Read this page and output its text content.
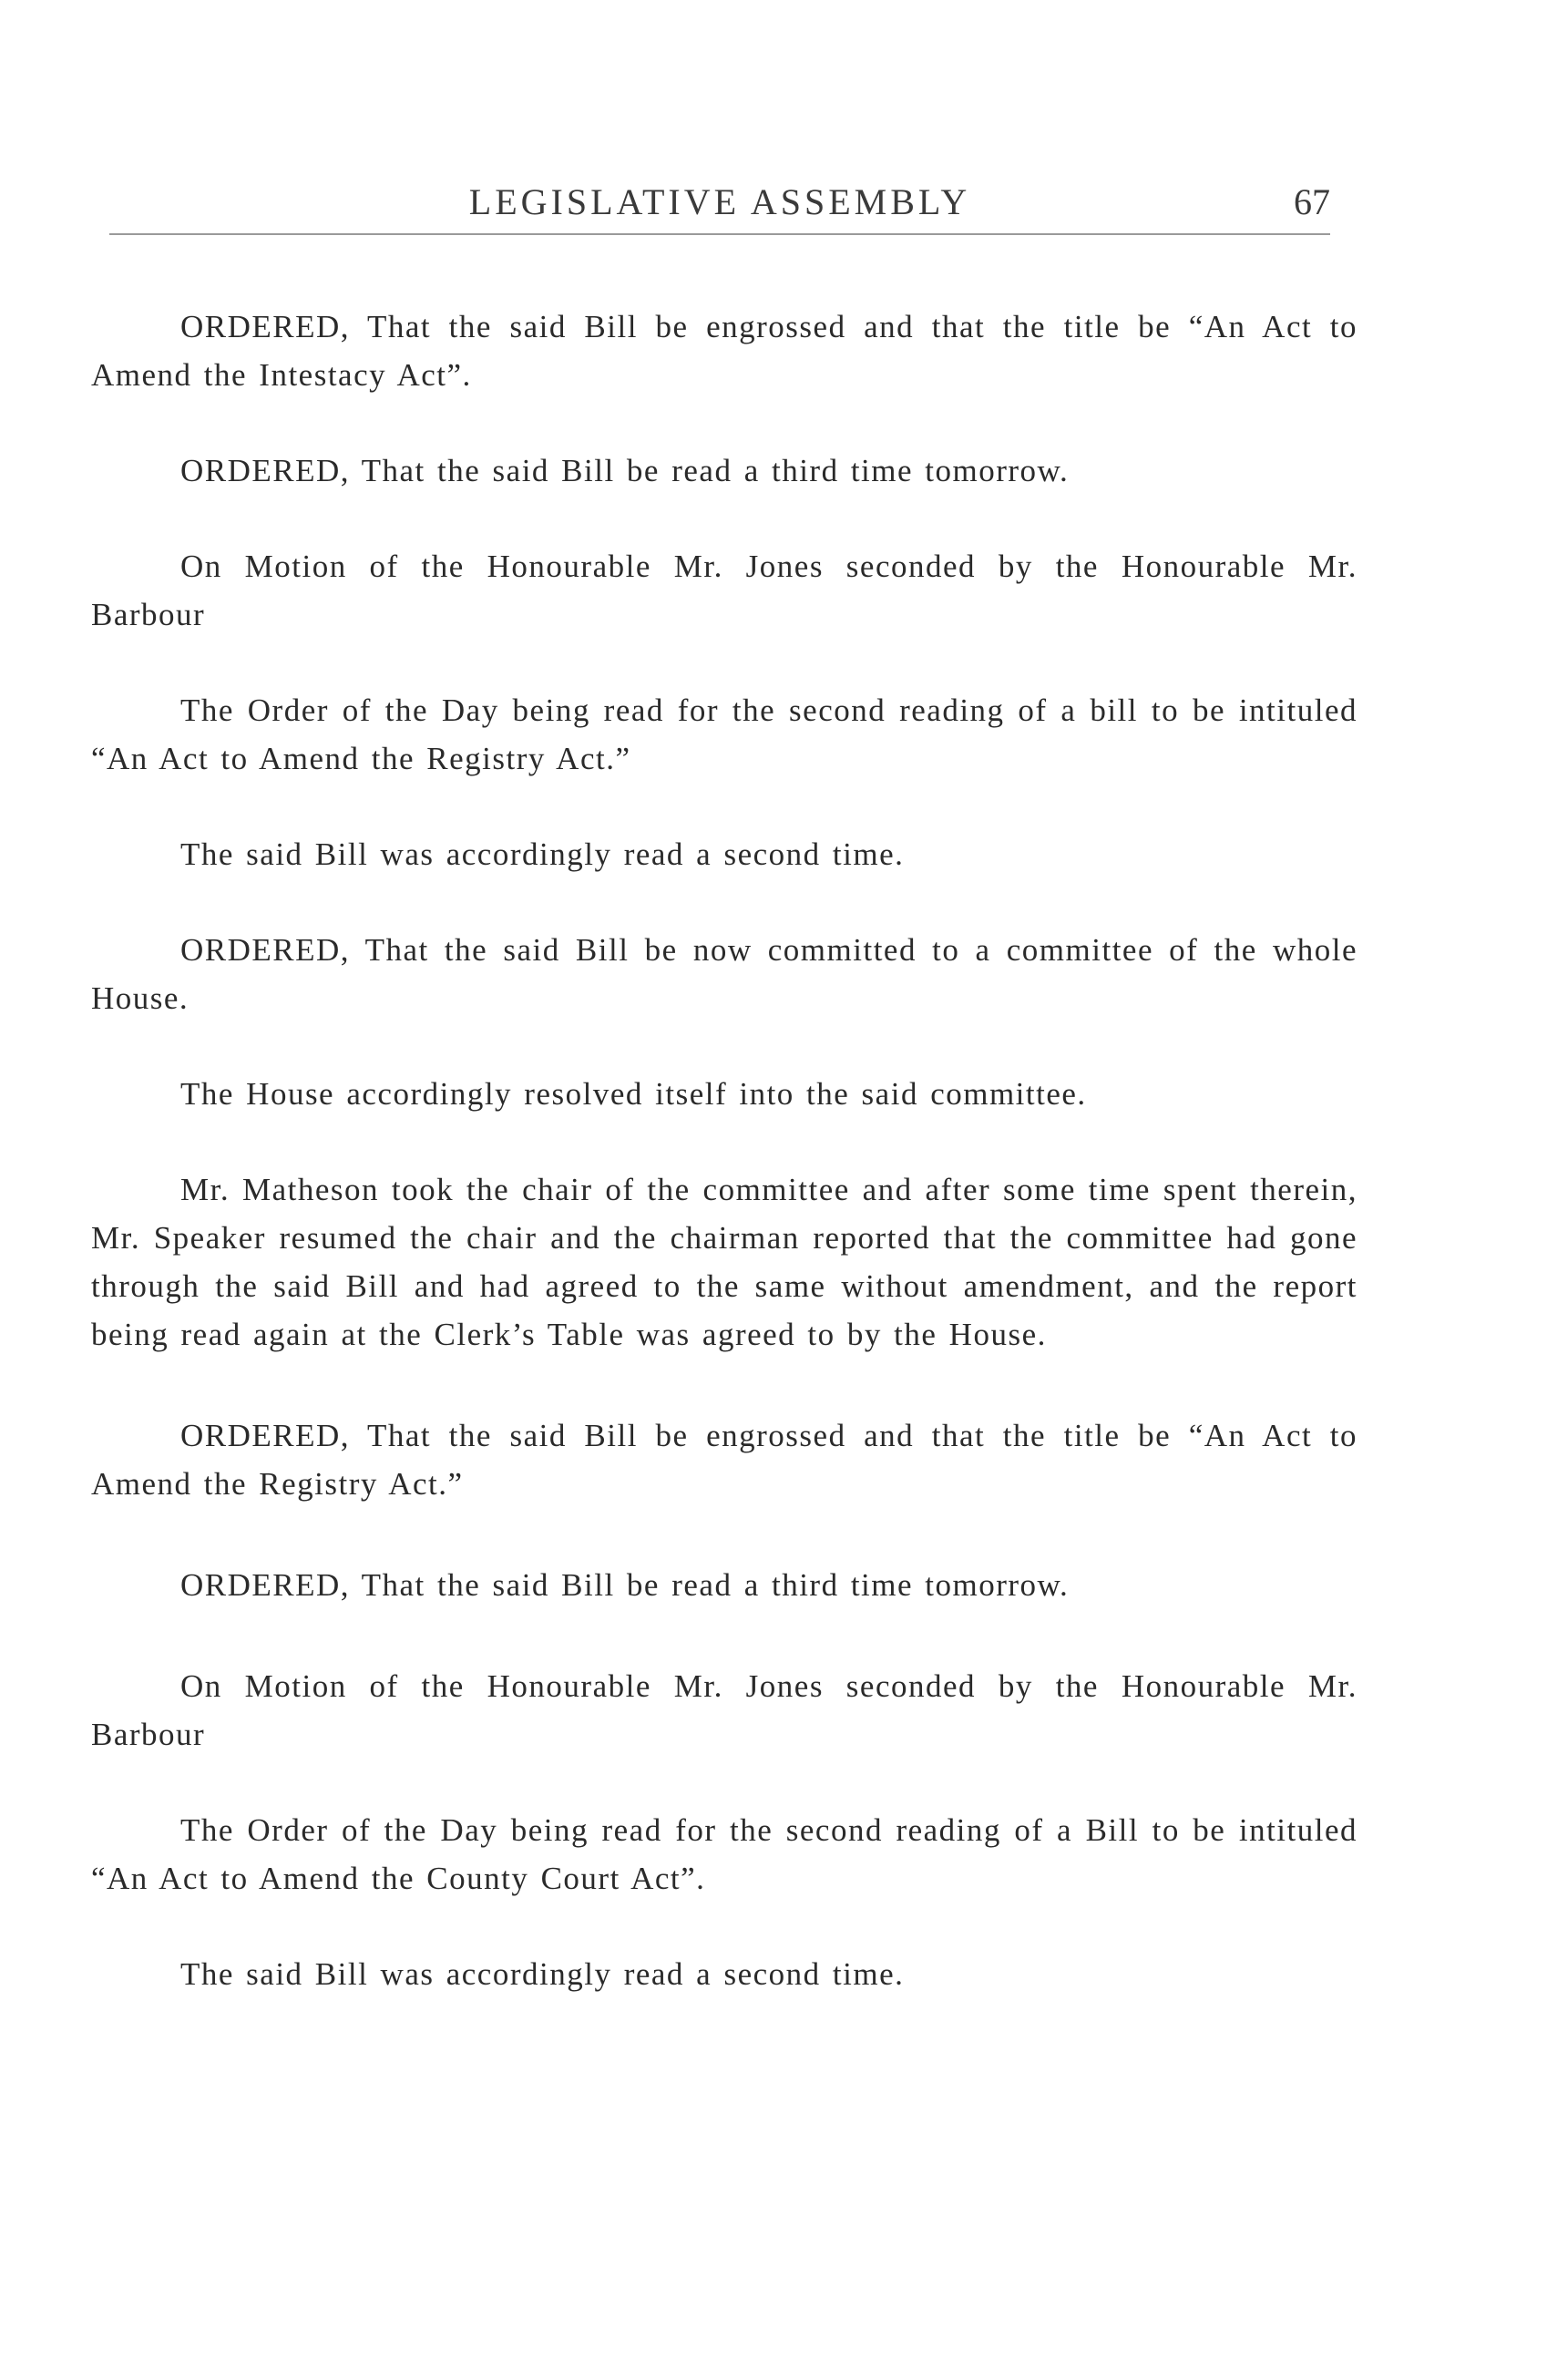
LEGISLATIVE ASSEMBLY	67

ORDERED, That the said Bill be engrossed and that the title be “An Act to Amend the Intestacy Act”.

ORDERED, That the said Bill be read a third time tomorrow.

On Motion of the Honourable Mr. Jones seconded by the Honourable Mr. Barbour

The Order of the Day being read for the second reading of a bill to be intituled “An Act to Amend the Registry Act.”

The said Bill was accordingly read a second time.

ORDERED, That the said Bill be now committed to a committee of the whole House.

The House accordingly resolved itself into the said committee.

Mr. Matheson took the chair of the committee and after some time spent therein, Mr. Speaker resumed the chair and the chairman reported that the committee had gone through the said Bill and had agreed to the same without amendment, and the report being read again at the Clerk’s Table was agreed to by the House.

ORDERED, That the said Bill be engrossed and that the title be “An Act to Amend the Registry Act.”

ORDERED, That the said Bill be read a third time tomorrow.

On Motion of the Honourable Mr. Jones seconded by the Honourable Mr. Barbour

The Order of the Day being read for the second reading of a Bill to be intituled “An Act to Amend the County Court Act”.

The said Bill was accordingly read a second time.
